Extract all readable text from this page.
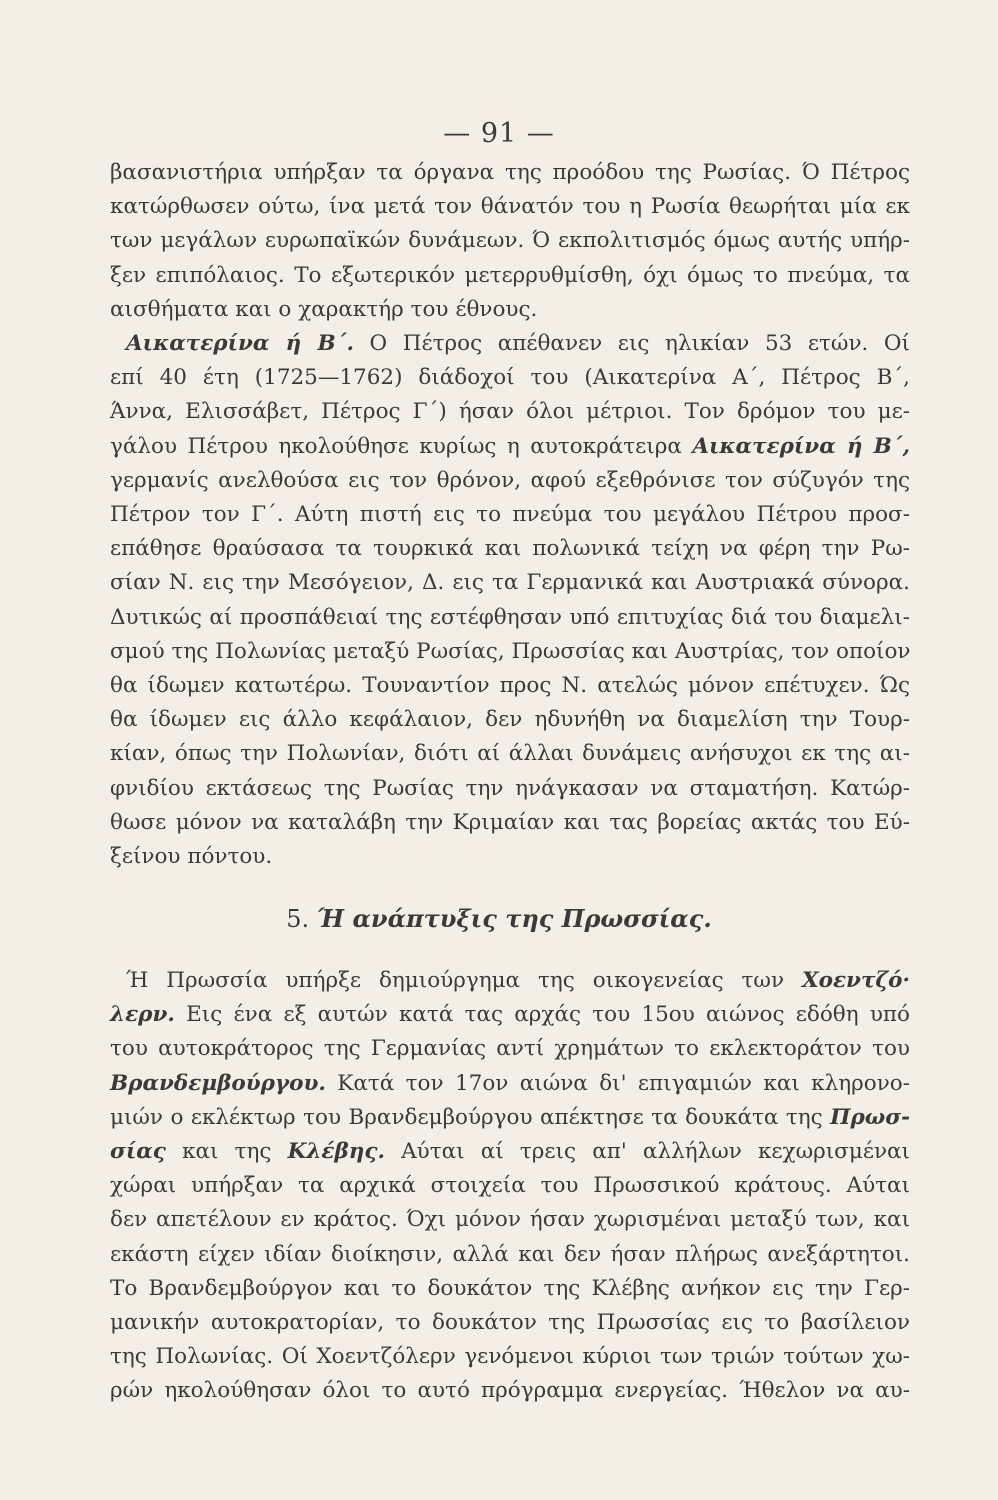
— 91 —
βασανιστήρια υπήρξαν τα όργανα της προόδου της Ρωσίας. Ό Πέτρος
κατώρθωσεν ούτω, ίνα μετά τον θάνατόν του η Ρωσία θεωρήται μία εκ
των μεγάλων ευρωπαϊκών δυνάμεων. Ό εκπολιτισμός όμως αυτής υπήρ-
ξεν επιπόλαιος. Το εξωτερικόν μετερρυθμίσθη, όχι όμως το πνεύμα, τα
αισθήματα και ο χαρακτήρ του έθνους.
Αικατερίνα ή Β΄. Ο Πέτρος απέθανεν εις ηλικίαν 53 ετών. Οί
επί 40 έτη (1725—1762) διάδοχοί του (Αικατερίνα Α΄, Πέτρος Β΄,
Άννα, Ελισσάβετ, Πέτρος Γ΄) ήσαν όλοι μέτριοι. Τον δρόμον του με-
γάλου Πέτρου ηκολούθησε κυρίως η αυτοκράτειρα Αικατερίνα ή Β΄,
γερμανίς ανελθούσα εις τον θρόνον, αφού εξεθρόνισε τον σύζυγόν της
Πέτρον τον Γ΄. Αύτη πιστή εις το πνεύμα του μεγάλου Πέτρου προσ-
επάθησε θραύσασα τα τουρκικά και πολωνικά τείχη να φέρη την Ρω-
σίαν Ν. εις την Μεσόγειον, Δ. εις τα Γερμανικά και Αυστριακά σύνορα.
Δυτικώς αί προσπάθειαί της εστέφθησαν υπό επιτυχίας διά του διαμελι-
σμού της Πολωνίας μεταξύ Ρωσίας, Πρωσσίας και Αυστρίας, τον οποίον
θα ίδωμεν κατωτέρω. Τουναντίον προς Ν. ατελώς μόνον επέτυχεν. Ώς
θα ίδωμεν εις άλλο κεφάλαιον, δεν ηδυνήθη να διαμελίση την Τουρ-
κίαν, όπως την Πολωνίαν, διότι αί άλλαι δυνάμεις ανήσυχοι εκ της αι-
φνιδίου εκτάσεως της Ρωσίας την ηνάγκασαν να σταματήση. Κατώρ-
θωσε μόνον να καταλάβη την Κριμαίαν και τας βορείας ακτάς του Εύ-
ξείνου πόντου.
5. Ή ανάπτυξις της Πρωσσίας.
Ή Πρωσσία υπήρξε δημιούργημα της οικογενείας των Χοεντζό·
λερν. Εις ένα εξ αυτών κατά τας αρχάς του 15ου αιώνος εδόθη υπό
του αυτοκράτορος της Γερμανίας αντί χρημάτων το εκλεκτοράτον του
Βρανδεμβούργου. Κατά τον 17ον αιώνα δι' επιγαμιών και κληρονο-
μιών ο εκλέκτωρ του Βρανδεμβούργου απέκτησε τα δουκάτα της Πρωσ-
σίας και της Κλέβης. Αύται αί τρεις απ' αλλήλων κεχωρισμέναι
χώραι υπήρξαν τα αρχικά στοιχεία του Πρωσσικού κράτους. Αύται
δεν απετέλουν εν κράτος. Όχι μόνον ήσαν χωρισμέναι μεταξύ των, και
εκάστη είχεν ιδίαν διοίκησιν, αλλά και δεν ήσαν πλήρως ανεξάρτητοι.
Το Βρανδεμβούργον και το δουκάτον της Κλέβης ανήκον εις την Γερ-
μανικήν αυτοκρατορίαν, το δουκάτον της Πρωσσίας εις το βασίλειον
της Πολωνίας. Οί Χοεντζόλερν γενόμενοι κύριοι των τριών τούτων χω-
ρών ηκολούθησαν όλοι το αυτό πρόγραμμα ενεργείας. Ήθελον να αυ-
